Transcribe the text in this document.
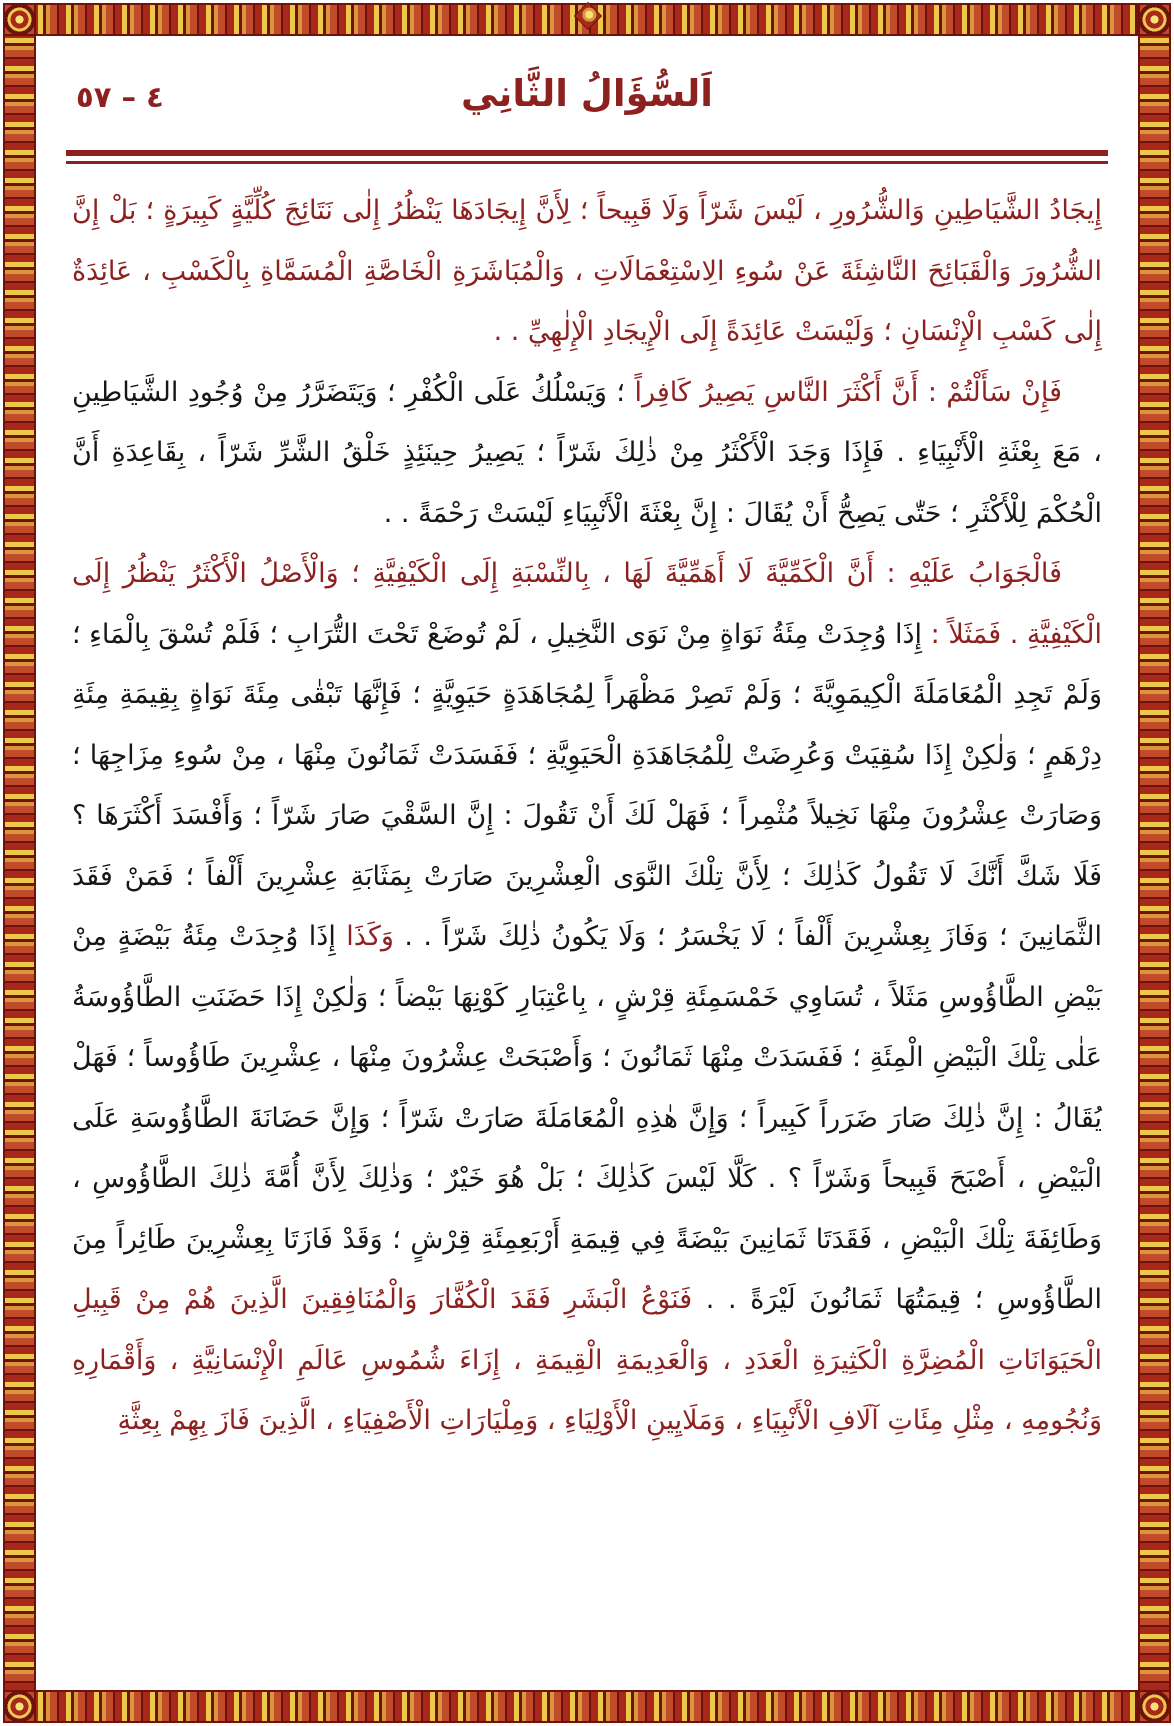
٥٧ – ٤	اَلسُّؤَالُ الثَّانِي

إِيجَادُ الشَّيَاطِينِ وَالشُّرُورِ ، لَيْسَ شَرّاً وَلَا قَبِيحاً ؛ لِأَنَّ إِيجَادَهَا يَنْظُرُ إِلٰى نَتَائِجَ كُلِّيَّةٍ كَبِيرَةٍ ؛ بَلْ إِنَّ الشُّرُورَ وَالْقَبَائِحَ النَّاشِئَةَ عَنْ سُوءِ الِاسْتِعْمَالَاتِ ، وَالْمُبَاشَرَةِ الْخَاصَّةِ الْمُسَمَّاةِ بِالْكَسْبِ ، عَائِدَةٌ إِلٰى كَسْبِ الْإِنْسَانِ ؛ وَلَيْسَتْ عَائِدَةً إِلَى الْإِيجَادِ الْإِلٰهِيِّ . .

فَإِنْ سَأَلْتُمْ : أَنَّ أَكْثَرَ النَّاسِ يَصِيرُ كَافِراً ؛ وَيَسْلُكُ عَلَى الْكُفْرِ ؛ وَيَتَضَرَّرُ مِنْ وُجُودِ الشَّيَاطِينِ ، مَعَ بِعْثَةِ الْأَنْبِيَاءِ . فَإِذَا وَجَدَ الْأَكْثَرُ مِنْ ذٰلِكَ شَرّاً ؛ يَصِيرُ حِينَئِذٍ خَلْقُ الشَّرِّ شَرّاً ، بِقَاعِدَةِ أَنَّ الْحُكْمَ لِلْأَكْثَرِ ؛ حَتّٰى يَصِحُّ أَنْ يُقَالَ : إِنَّ بِعْثَةَ الْأَنْبِيَاءِ لَيْسَتْ رَحْمَةً . .

فَالْجَوَابُ عَلَيْهِ : أَنَّ الْكَمِّيَّةَ لَا أَهَمِّيَّةَ لَهَا ، بِالنِّسْبَةِ إِلَى الْكَيْفِيَّةِ ؛ وَالْأَصْلُ الْأَكْثَرُ يَنْظُرُ إِلَى الْكَيْفِيَّةِ . فَمَثَلاً : إِذَا وُجِدَتْ مِئَةُ نَوَاةٍ مِنْ نَوَى النَّخِيلِ ، لَمْ تُوضَعْ تَحْتَ التُّرَابِ ؛ فَلَمْ تُسْقَ بِالْمَاءِ ؛ وَلَمْ تَجِدِ الْمُعَامَلَةَ الْكِيمَوِيَّةَ ؛ وَلَمْ تَصِرْ مَظْهَراً لِمُجَاهَدَةٍ حَيَوِيَّةٍ ؛ فَإِنَّهَا تَبْقٰى مِئَةَ نَوَاةٍ بِقِيمَةِ مِئَةِ دِرْهَمٍ ؛ وَلٰكِنْ إِذَا سُقِيَتْ وَعُرِضَتْ لِلْمُجَاهَدَةِ الْحَيَوِيَّةِ ؛ فَفَسَدَتْ ثَمَانُونَ مِنْهَا ، مِنْ سُوءِ مِزَاجِهَا ؛ وَصَارَتْ عِشْرُونَ مِنْهَا نَخِيلاً مُثْمِراً ؛ فَهَلْ لَكَ أَنْ تَقُولَ : إِنَّ السَّقْيَ صَارَ شَرّاً ؛ وَأَفْسَدَ أَكْثَرَهَا ؟ فَلَا شَكَّ أَنَّكَ لَا تَقُولُ كَذٰلِكَ ؛ لِأَنَّ تِلْكَ النَّوَى الْعِشْرِينَ صَارَتْ بِمَثَابَةِ عِشْرِينَ أَلْفاً ؛ فَمَنْ فَقَدَ الثَّمَانِينَ ؛ وَفَازَ بِعِشْرِينَ أَلْفاً ؛ لَا يَخْسَرُ ؛ وَلَا يَكُونُ ذٰلِكَ شَرّاً . . وَكَذَا إِذَا وُجِدَتْ مِئَةُ بَيْضَةٍ مِنْ بَيْضِ الطَّاؤُوسِ مَثَلاً ، تُسَاوِي خَمْسَمِئَةِ قِرْشٍ ، بِاعْتِبَارِ كَوْنِهَا بَيْضاً ؛ وَلٰكِنْ إِذَا حَضَنَتِ الطَّاؤُوسَةُ عَلٰى تِلْكَ الْبَيْضِ الْمِئَةِ ؛ فَفَسَدَتْ مِنْهَا ثَمَانُونَ ؛ وَأَصْبَحَتْ عِشْرُونَ مِنْهَا ، عِشْرِينَ طَاؤُوساً ؛ فَهَلْ يُقَالُ : إِنَّ ذٰلِكَ صَارَ ضَرَراً كَبِيراً ؛ وَإِنَّ هٰذِهِ الْمُعَامَلَةَ صَارَتْ شَرّاً ؛ وَإِنَّ حَضَانَةَ الطَّاؤُوسَةِ عَلَى الْبَيْضِ ، أَصْبَحَ قَبِيحاً وَشَرّاً ؟ . كَلَّا لَيْسَ كَذٰلِكَ ؛ بَلْ هُوَ خَيْرٌ ؛ وَذٰلِكَ لِأَنَّ أُمَّةَ ذٰلِكَ الطَّاؤُوسِ ، وَطَائِفَةَ تِلْكَ الْبَيْضِ ، فَقَدَتَا ثَمَانِينَ بَيْضَةً فِي قِيمَةِ أَرْبَعِمِئَةِ قِرْشٍ ؛ وَقَدْ فَازَتَا بِعِشْرِينَ طَائِراً مِنَ الطَّاؤُوسِ ؛ قِيمَتُهَا ثَمَانُونَ لَيْرَةً . . فَنَوْعُ الْبَشَرِ فَقَدَ الْكُفَّارَ وَالْمُنَافِقِينَ الَّذِينَ هُمْ مِنْ قَبِيلِ الْحَيَوَانَاتِ الْمُضِرَّةِ الْكَثِيرَةِ الْعَدَدِ ، وَالْعَدِيمَةِ الْقِيمَةِ ، إِزَاءَ شُمُوسِ عَالَمِ الْإِنْسَانِيَّةِ ، وَأَقْمَارِهِ وَنُجُومِهِ ، مِثْلِ مِئَاتِ آلَافِ الْأَنْبِيَاءِ ، وَمَلَايِينِ الْأَوْلِيَاءِ ، وَمِلْيَارَاتِ الْأَصْفِيَاءِ ، الَّذِينَ فَازَ بِهِمْ بِعِثَّةِ
